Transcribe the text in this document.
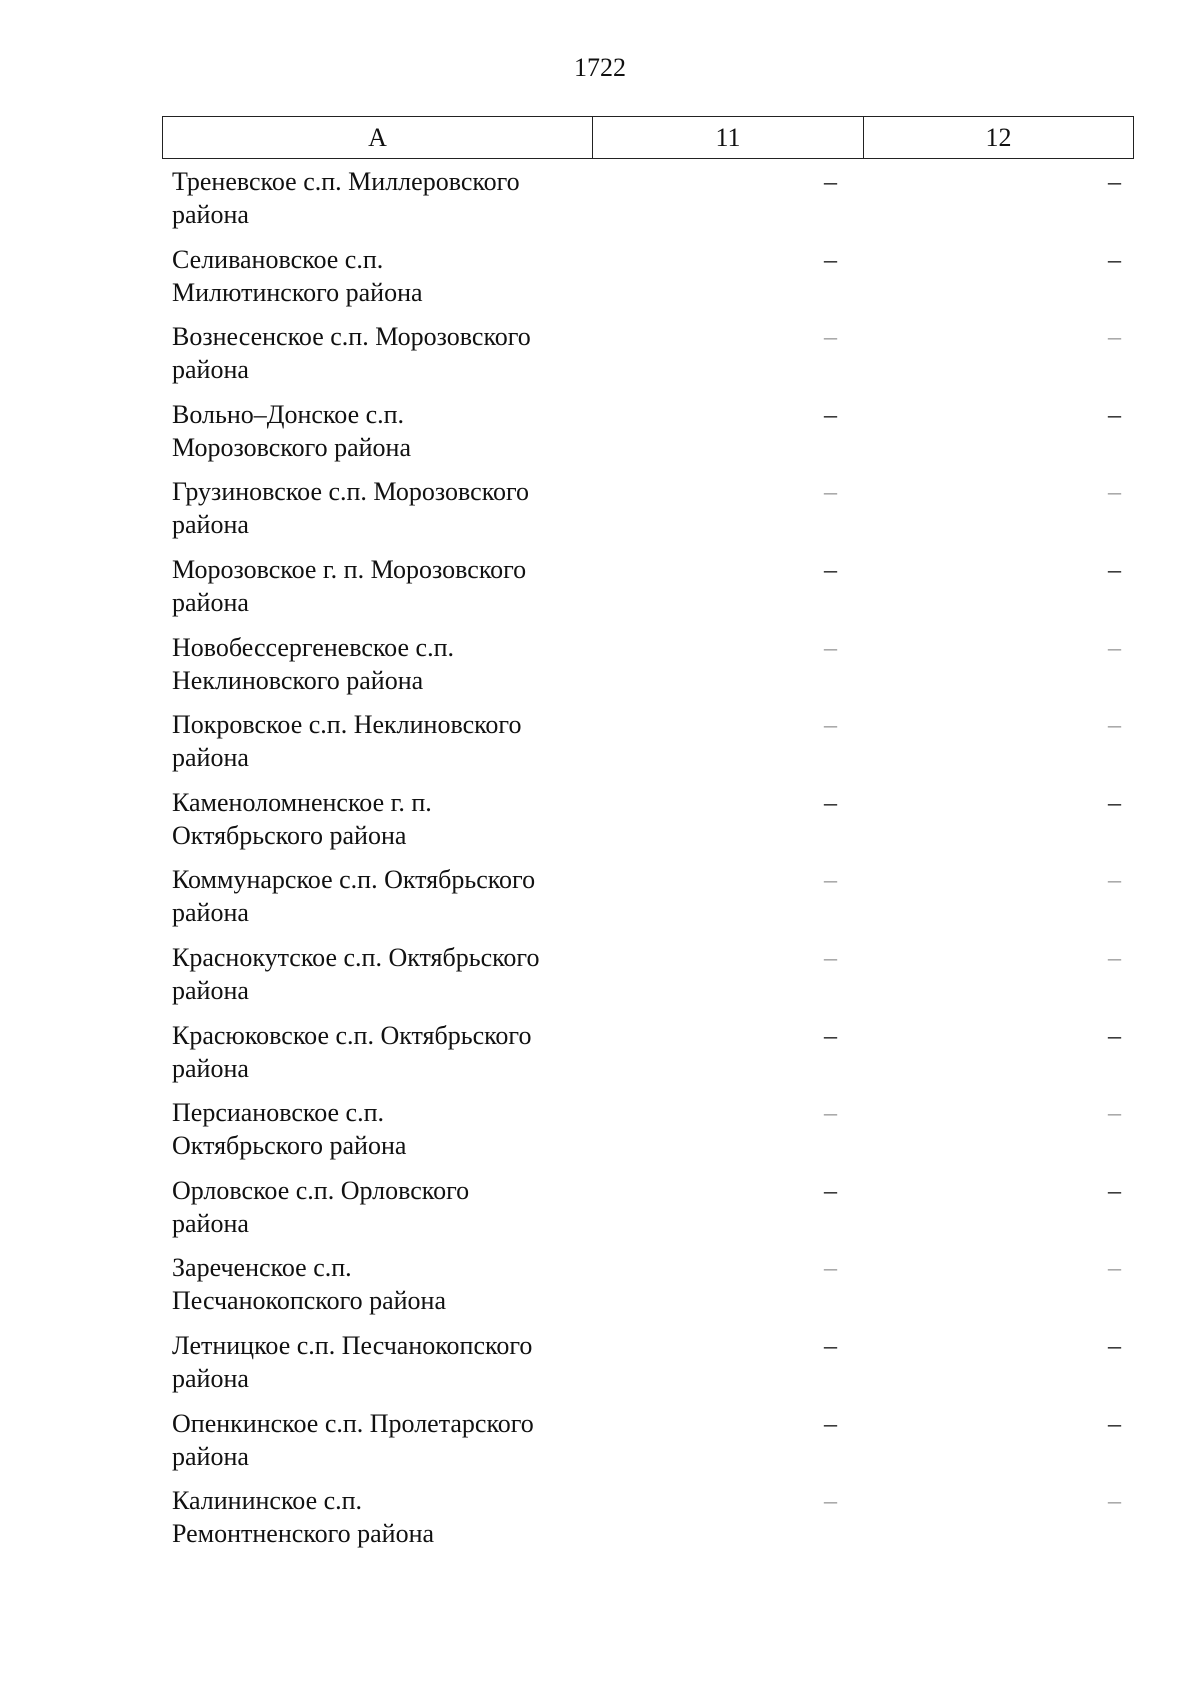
1722
А	11	12
Треневское с.п. Миллеровского
района
–	–
Селивановское с.п.
Милютинского района
–	–
Вознесенское с.п. Морозовского
района
–	–
Вольно–Донское с.п.
Морозовского района
–	–
Грузиновское с.п. Морозовского
района
–	–
Морозовское г. п. Морозовского
района
–	–
Новобессергеневское с.п.
Неклиновского района
–	–
Покровское с.п. Неклиновского
района
–	–
Каменоломненское г. п.
Октябрьского района
–	–
Коммунарское с.п. Октябрьского
района
–	–
Краснокутское с.п. Октябрьского
района
–	–
Красюковское с.п. Октябрьского
района
–	–
Персиановское с.п.
Октябрьского района
–	–
Орловское с.п. Орловского
района
–	–
Зареченское с.п.
Песчанокопского района
–	–
Летницкое с.п. Песчанокопского
района
–	–
Опенкинское с.п. Пролетарского
района
–	–
Калининское с.п.
Ремонтненского района
–	–
